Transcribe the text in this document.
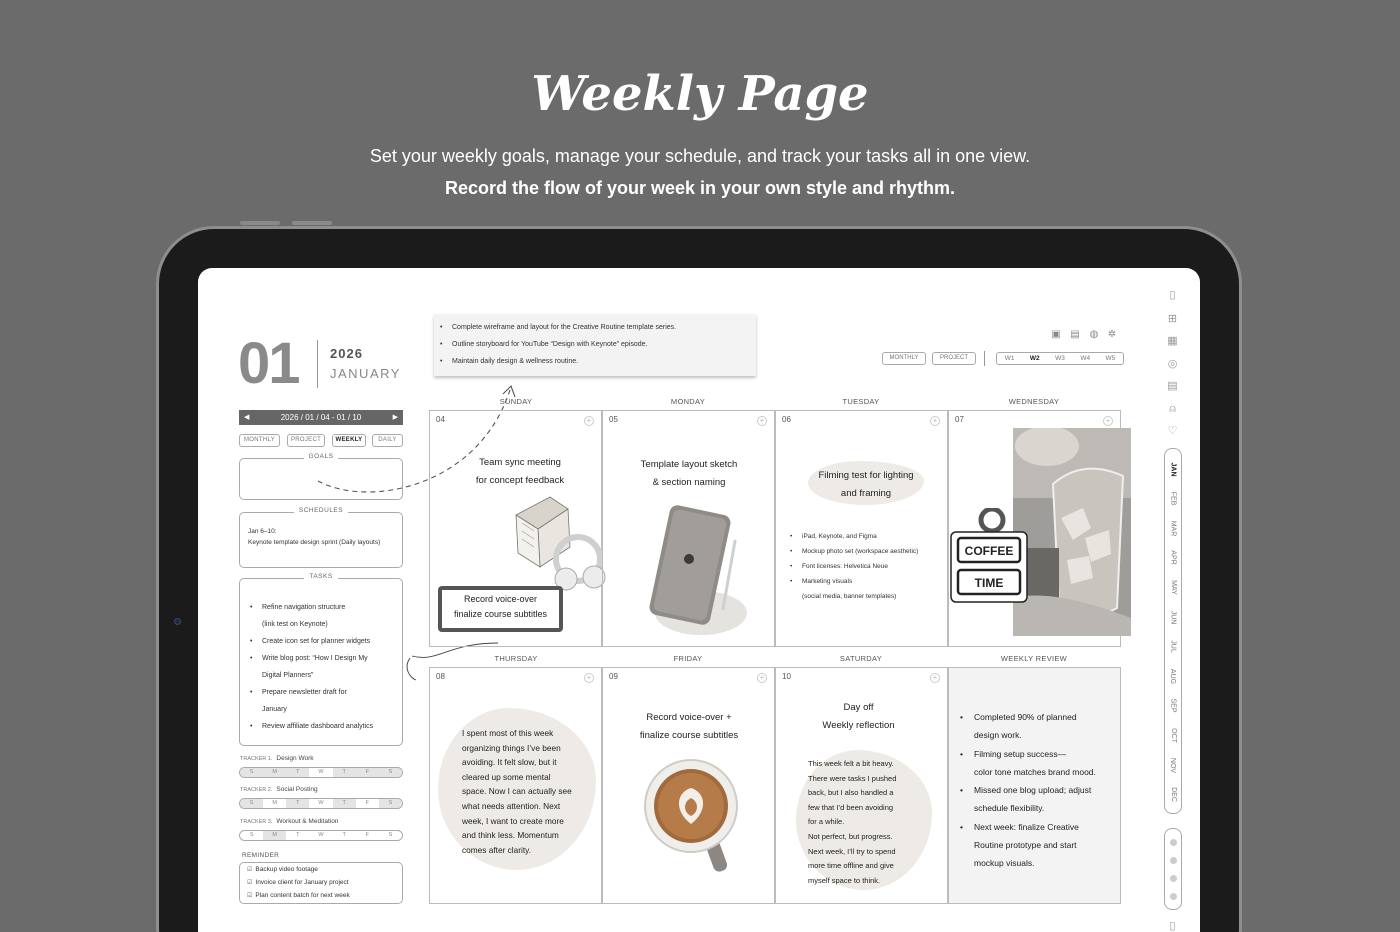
Weekly Page
Set your weekly goals, manage your schedule, and track your tasks all in one view.
Record the flow of your week in your own style and rhythm.
01 2026
JANUARY
◀	2026 / 01 / 04 - 01 / 10	▶
MONTHLY	PROJECT	WEEKLY	DAILY
GOALS
SCHEDULES
Jan 6–10:
Keynote template design sprint (Daily layouts)
TASKS
• Refine navigation structure
(link test on Keynote)
• Create icon set for planner widgets
• Write blog post: “How I Design My
Digital Planners”
• Prepare newsletter draft for
January
• Review affiliate dashboard analytics
TRACKER 1. Design Work
S	M	T	W	T	F	S
TRACKER 2. Social Posting
S	M	T	W	T	F	S
TRACKER 3. Workout & Meditation
S	M	T	W	T	F	S
REMINDER
☑ Backup video footage
☑ Invoice client for January project
☑ Plan content batch for next week
• Complete wireframe and layout for the Creative Routine template series.
• Outline storyboard for YouTube “Design with Keynote” episode.
• Maintain daily design & wellness routine.
▣ ▤ ◍ ✲
MONTHLY	PROJECT	W1	W2	W3	W4	W5
SUNDAY	MONDAY	TUESDAY	WEDNESDAY
04	+
Team sync meeting
for concept feedback
05	+
Template layout sketch
& section naming
06	+
Filming test for lighting
and framing
• iPad, Keynote, and Figma
• Mockup photo set (workspace aesthetic)
• Font licenses: Helvetica Neue
• Marketing visuals
(social media, banner templates)
07	+
COFFEE
TIME
Record voice-over
finalize course subtitles
THURSDAY	FRIDAY	SATURDAY	WEEKLY REVIEW
08	+
I spent most of this week
organizing things I’ve been
avoiding. It felt slow, but it
cleared up some mental
space. Now I can actually see
what needs attention. Next
week, I want to create more
and think less. Momentum
comes after clarity.
09	+
Record voice-over +
finalize course subtitles
10	+
Day off
Weekly reflection
This week felt a bit heavy.
There were tasks I pushed
back, but I also handled a
few that I’d been avoiding
for a while.
Not perfect, but progress.
Next week, I’ll try to spend
more time offline and give
myself space to think.
• Completed 90% of planned
design work.
• Filming setup success—
color tone matches brand mood.
• Missed one blog upload; adjust
schedule flexibility.
• Next week: finalize Creative
Routine prototype and start
mockup visuals.
▯
⊞
▦
◎
▤
⍝
♡
JAN
FEB
MAR
APR
MAY
JUN
JUL
AUG
SEP
OCT
NOV
DEC
▯
